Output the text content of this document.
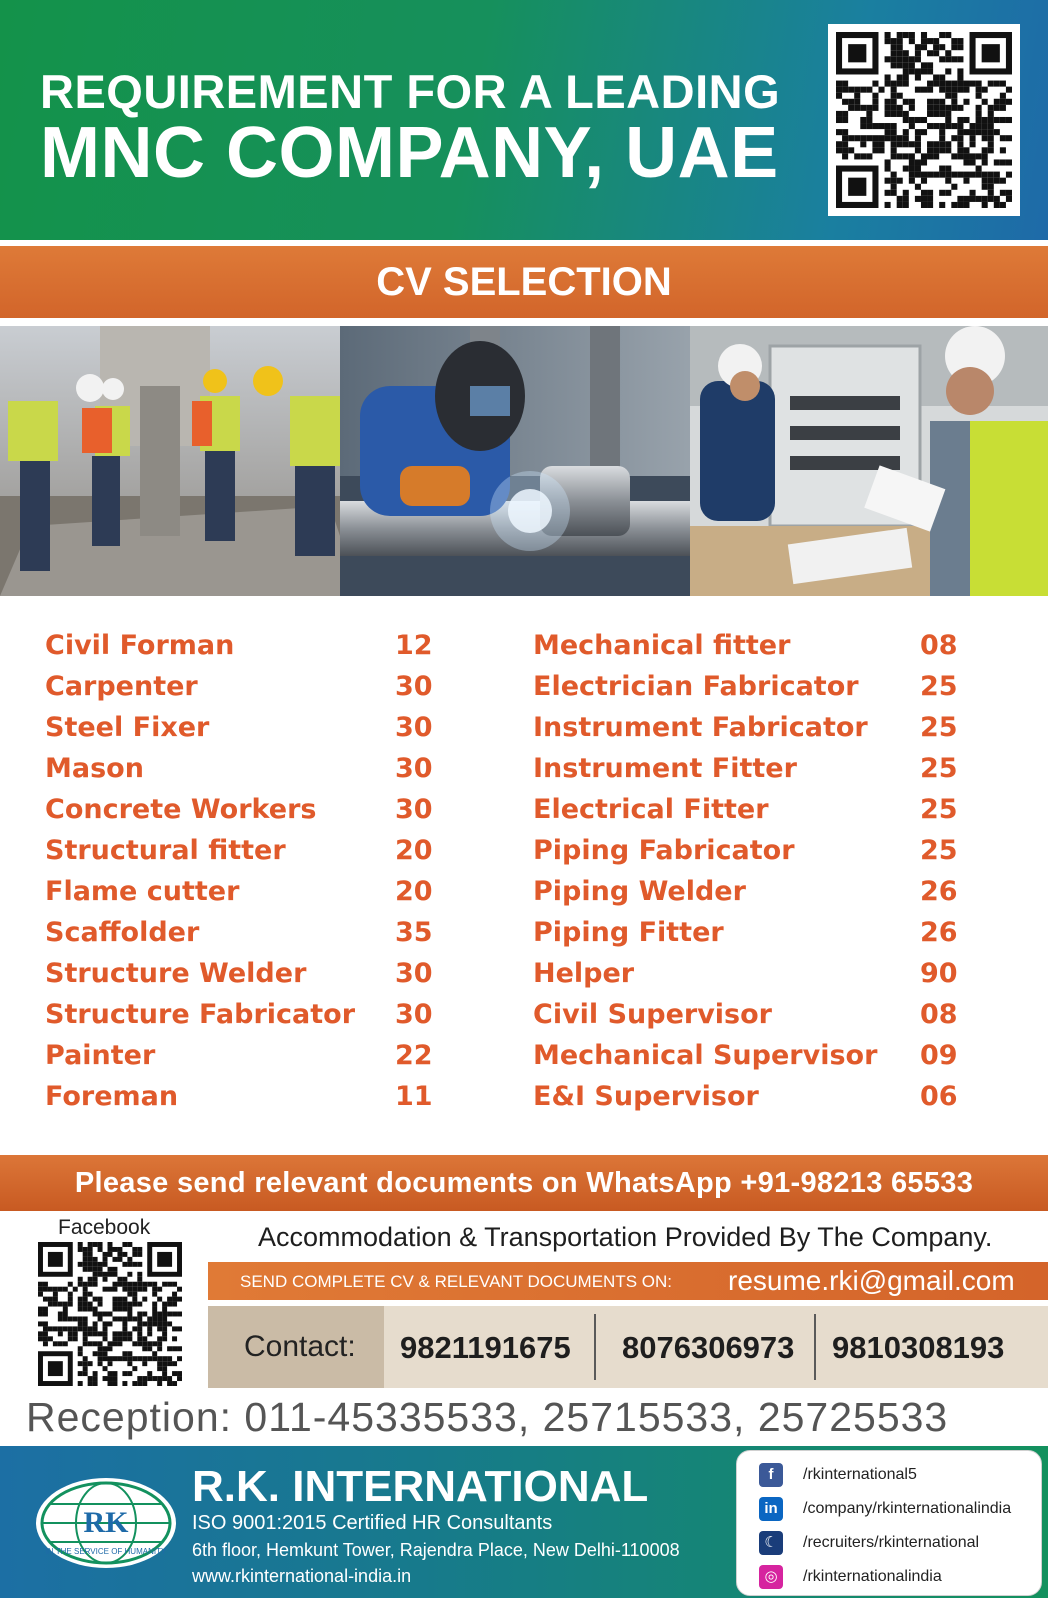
REQUIREMENT FOR A LEADING
MNC COMPANY, UAE
CV SELECTION
Civil Forman	12
Carpenter	30
Steel Fixer	30
Mason	30
Concrete Workers	30
Structural fitter	20
Flame cutter	20
Scaffolder	35
Structure Welder	30
Structure Fabricator 30
Painter	22
Foreman	11
Mechanical fitter	08
Electrician Fabricator 25
Instrument Fabricator 25
Instrument Fitter	25
Electrical Fitter	25
Piping Fabricator	25
Piping Welder	26
Piping Fitter	26
Helper	90
Civil Supervisor	08
Mechanical Supervisor 09
E&I Supervisor	06
Please send relevant documents on WhatsApp +91-98213 65533
Facebook	Accommodation & Transportation Provided By The Company.
SEND COMPLETE CV & RELEVANT DOCUMENTS ON: resume.rki@gmail.com
Contact: 9821191675 8076306973 9810308193
Reception: 011-45335533, 25715533, 25725533
RK
IN THE SERVICE OF HUMANITY
R.K. INTERNATIONAL
ISO 9001:2015 Certified HR Consultants
6th floor, Hemkunt Tower, Rajendra Place, New Delhi-110008
www.rkinternational-india.in
f	/rkinternational5
in	/company/rkinternationalindia
☾	/recruiters/rkinternational
◎	/rkinternationalindia
